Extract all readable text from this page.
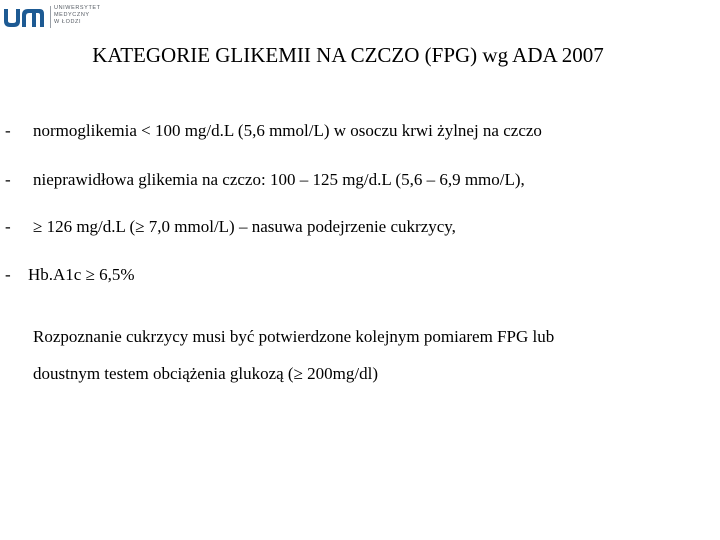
UNIWERSYTET
MEDYCZNY
W ŁODZI
KATEGORIE GLIKEMII NA CZCZO (FPG) wg ADA 2007
- normoglikemia < 100 mg/d.L (5,6 mmol/L) w osoczu krwi żylnej na czczo
- nieprawidłowa glikemia na czczo: 100 – 125 mg/d.L (5,6 – 6,9 mmo/L),
- ≥ 126 mg/d.L (≥ 7,0 mmol/L) – nasuwa podejrzenie cukrzycy,
- Hb.A1c ≥ 6,5%
Rozpoznanie cukrzycy musi być potwierdzone kolejnym pomiarem FPG lub
doustnym testem obciążenia glukozą (≥ 200mg/dl)
